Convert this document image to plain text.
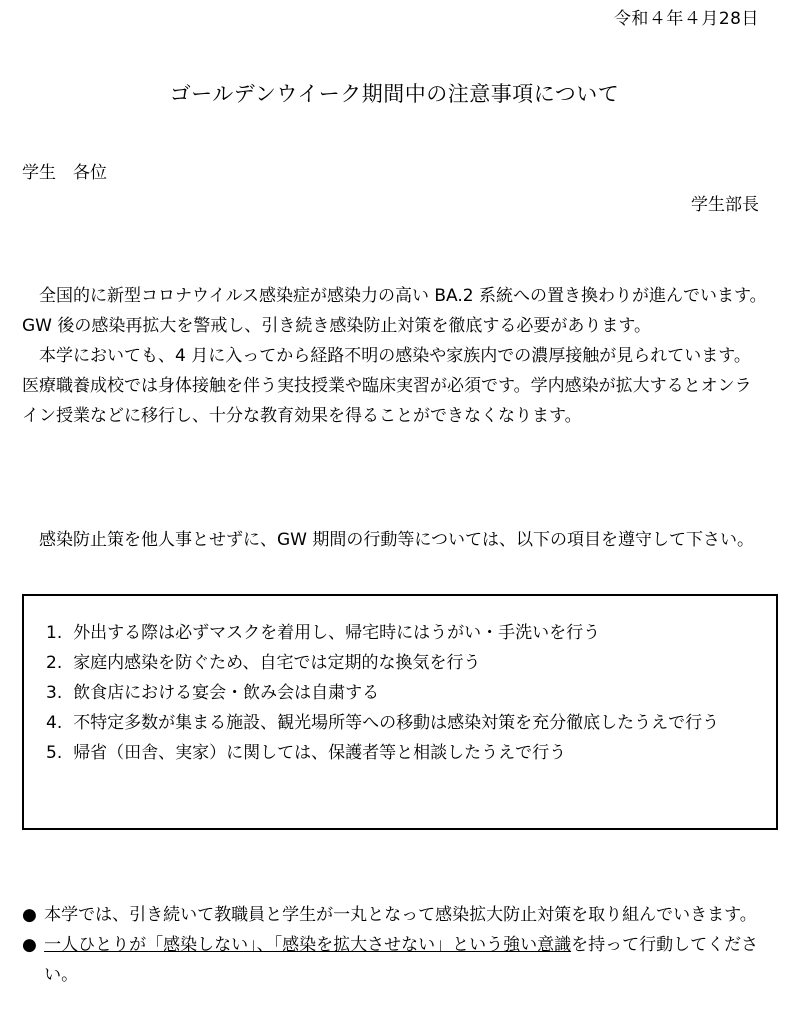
令和４年４月28日
ゴールデンウイーク期間中の注意事項について
学生　各位
学生部長

全国的に新型コロナウイルス感染症が感染力の高い BA.2 系統への置き換わりが進んでいます。GW 後の感染再拡大を警戒し、引き続き感染防止対策を徹底する必要があります。

本学においても、4 月に入ってから経路不明の感染や家族内での濃厚接触が見られています。医療職養成校では身体接触を伴う実技授業や臨床実習が必須です。学内感染が拡大するとオンライン授業などに移行し、十分な教育効果を得ることができなくなります。

感染防止策を他人事とせずに、GW 期間の行動等については、以下の項目を遵守して下さい。

1. 外出する際は必ずマスクを着用し、帰宅時にはうがい・手洗いを行う
2. 家庭内感染を防ぐため、自宅では定期的な換気を行う
3. 飲食店における宴会・飲み会は自粛する
4. 不特定多数が集まる施設、観光場所等への移動は感染対策を充分徹底したうえで行う
5. 帰省（田舎、実家）に関しては、保護者等と相談したうえで行う
● 本学では、引き続いて教職員と学生が一丸となって感染拡大防止対策を取り組んでいきます。
● 一人ひとりが「感染しない」、「感染を拡大させない」という強い意識を持って行動してください。
